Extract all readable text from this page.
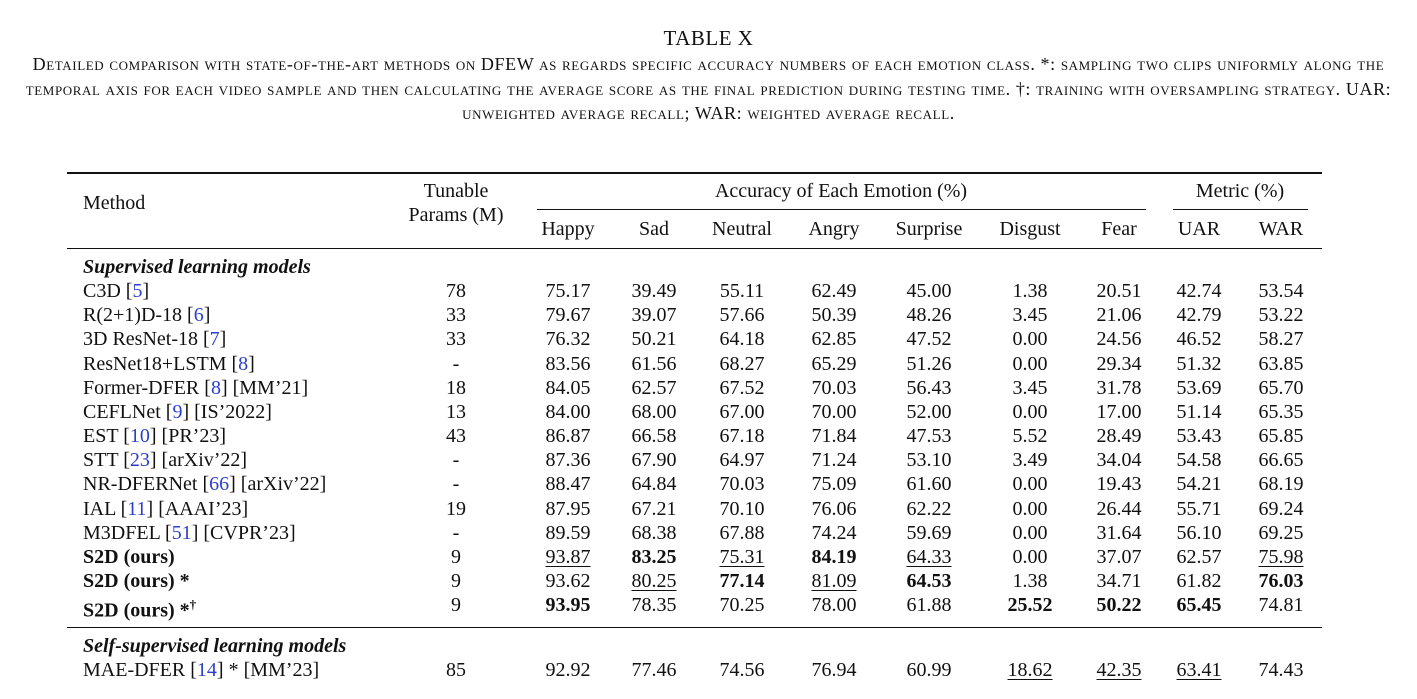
TABLE X
Detailed comparison with state-of-the-art methods on DFEW as regards specific accuracy numbers of each emotion class. *: sampling two clips uniformly along the temporal axis for each video sample and then calculating the average score as the final prediction during testing time. †: training with oversampling strategy. UAR: unweighted average recall; WAR: weighted average recall.
Method
Tunable
Params (M)
Accuracy of Each Emotion (%)	Metric (%)
Happy Sad Neutral Angry Surprise Disgust Fear UAR WAR
Supervised learning models
C3D [5]	78	75.17 39.49 55.11 62.49	45.00	1.38 20.51 42.74 53.54
R(2+1)D-18 [6]	33	79.67 39.07 57.66 50.39	48.26	3.45 21.06 42.79 53.22
3D ResNet-18 [7]	33	76.32 50.21 64.18 62.85	47.52	0.00 24.56 46.52 58.27
ResNet18+LSTM [8]	-	83.56 61.56 68.27 65.29	51.26	0.00 29.34 51.32 63.85
Former-DFER [8] [MM’21]	18	84.05 62.57 67.52 70.03	56.43	3.45 31.78 53.69 65.70
CEFLNet [9] [IS’2022]	13	84.00 68.00 67.00 70.00	52.00	0.00 17.00 51.14 65.35
EST [10] [PR’23]	43	86.87 66.58 67.18 71.84	47.53	5.52 28.49 53.43 65.85
STT [23] [arXiv’22]	-	87.36 67.90 64.97 71.24	53.10	3.49 34.04 54.58 66.65
NR-DFERNet [66] [arXiv’22]	-	88.47 64.84 70.03 75.09	61.60	0.00 19.43 54.21 68.19
IAL [11] [AAAI’23]	19	87.95 67.21 70.10 76.06	62.22	0.00 26.44 55.71 69.24
M3DFEL [51] [CVPR’23]	-	89.59 68.38 67.88 74.24	59.69	0.00 31.64 56.10 69.25
S2D (ours)	9	93.87 83.25 75.31 84.19	64.33	0.00 37.07 62.57 75.98
S2D (ours) *	9	93.62 80.25 77.14 81.09	64.53	1.38 34.71 61.82 76.03
S2D (ours) *†	9	93.95 78.35 70.25 78.00	61.88	25.52 50.22 65.45 74.81
Self-supervised learning models
MAE-DFER [14] * [MM’23]	85	92.92 77.46 74.56 76.94	60.99	18.62 42.35 63.41 74.43
